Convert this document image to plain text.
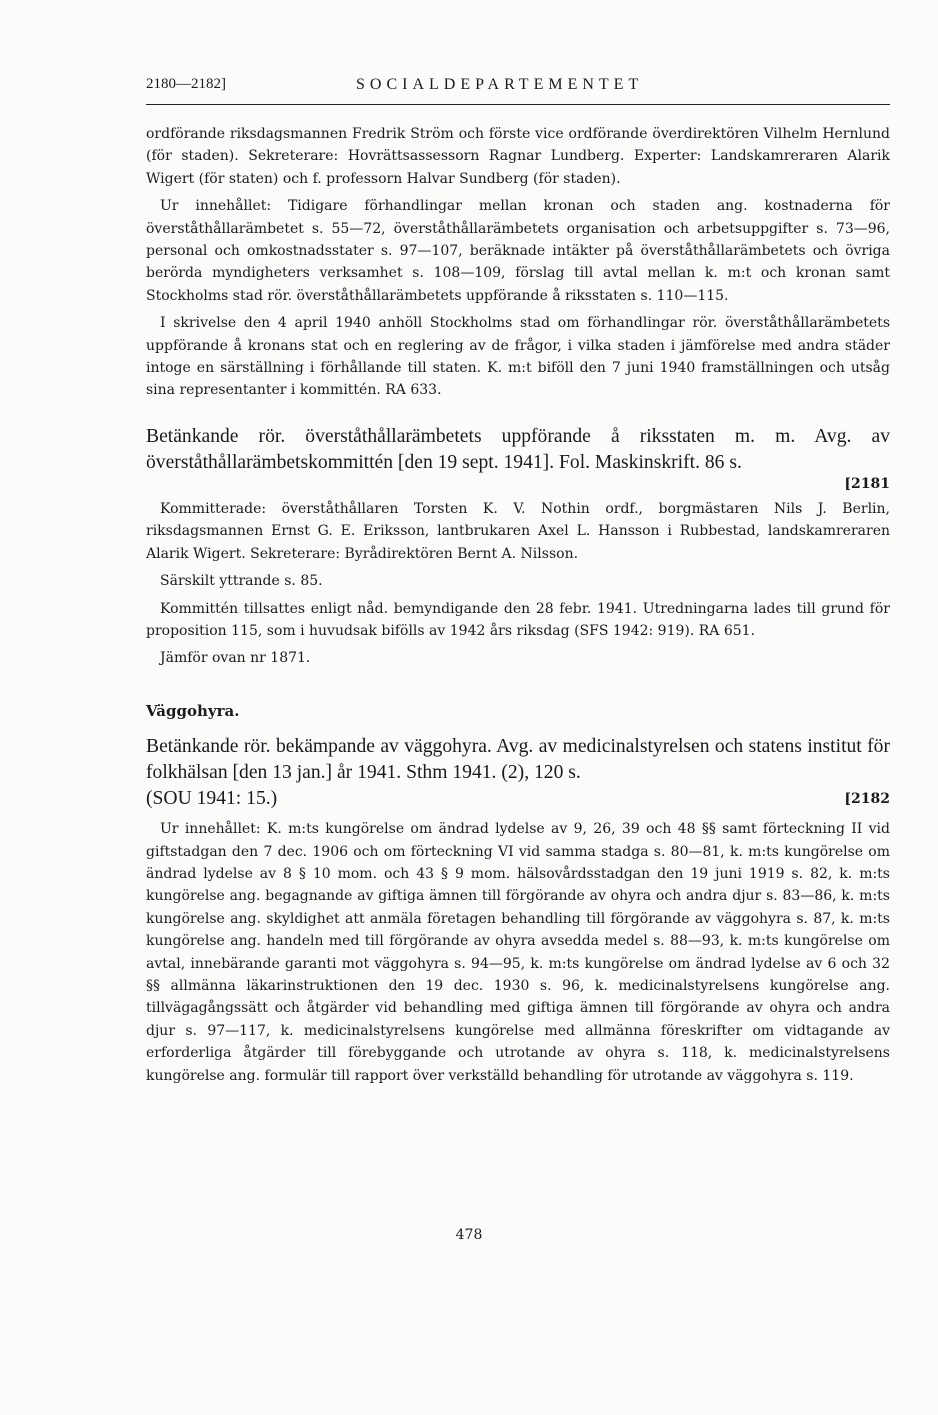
2180—2182]	SOCIALDEPARTEMENTET

ordförande riksdagsmannen Fredrik Ström och förste vice ordförande överdirektören Vilhelm Hernlund (för staden). Sekreterare: Hovrättsassessorn Ragnar Lundberg. Experter: Landskamreraren Alarik Wigert (för staten) och f. professorn Halvar Sundberg (för staden).

Ur innehållet: Tidigare förhandlingar mellan kronan och staden ang. kostnaderna för överståthållarämbetet s. 55—72, överståthållarämbetets organisation och arbetsuppgifter s. 73—96, personal och omkostnadsstater s. 97—107, beräknade intäkter på överståthållarämbetets och övriga berörda myndigheters verksamhet s. 108—109, förslag till avtal mellan k. m:t och kronan samt Stockholms stad rör. överståthållarämbetets uppförande å riksstaten s. 110—115.

I skrivelse den 4 april 1940 anhöll Stockholms stad om förhandlingar rör. överståthållarämbetets uppförande å kronans stat och en reglering av de frågor, i vilka staden i jämförelse med andra städer intoge en särställning i förhållande till staten. K. m:t biföll den 7 juni 1940 framställningen och utsåg sina representanter i kommittén. RA 633.

Betänkande rör. överståthållarämbetets uppförande å riksstaten m. m. Avg. av överståthållarämbetskommittén [den 19 sept. 1941]. Fol. Maskinskrift. 86 s.
[2181

Kommitterade: överståthållaren Torsten K. V. Nothin ordf., borgmästaren Nils J. Berlin, riksdagsmannen Ernst G. E. Eriksson, lantbrukaren Axel L. Hansson i Rubbestad, landskamreraren Alarik Wigert. Sekreterare: Byrådirektören Bernt A. Nilsson.

Särskilt yttrande s. 85.

Kommittén tillsattes enligt nåd. bemyndigande den 28 febr. 1941. Utredningarna lades till grund för proposition 115, som i huvudsak bifölls av 1942 års riksdag (SFS 1942: 919). RA 651.

Jämför ovan nr 1871.

Väggohyra.
Betänkande rör. bekämpande av väggohyra. Avg. av medicinalstyrelsen och statens institut för folkhälsan [den 13 jan.] år 1941. Sthm 1941. (2), 120 s.
(SOU 1941: 15.)	[2182

Ur innehållet: K. m:ts kungörelse om ändrad lydelse av 9, 26, 39 och 48 §§ samt förteckning II vid giftstadgan den 7 dec. 1906 och om förteckning VI vid samma stadga s. 80—81, k. m:ts kungörelse om ändrad lydelse av 8 § 10 mom. och 43 § 9 mom. hälsovårdsstadgan den 19 juni 1919 s. 82, k. m:ts kungörelse ang. begagnande av giftiga ämnen till förgörande av ohyra och andra djur s. 83—86, k. m:ts kungörelse ang. skyldighet att anmäla företagen behandling till förgörande av väggohyra s. 87, k. m:ts kungörelse ang. handeln med till förgörande av ohyra avsedda medel s. 88—93, k. m:ts kungörelse om avtal, innebärande garanti mot väggohyra s. 94—95, k. m:ts kungörelse om ändrad lydelse av 6 och 32 §§ allmänna läkarinstruktionen den 19 dec. 1930 s. 96, k. medicinalstyrelsens kungörelse ang. tillvägagångssätt och åtgärder vid behandling med giftiga ämnen till förgörande av ohyra och andra djur s. 97—117, k. medicinalstyrelsens kungörelse med allmänna föreskrifter om vidtagande av erforderliga åtgärder till förebyggande och utrotande av ohyra s. 118, k. medicinalstyrelsens kungörelse ang. formulär till rapport över verkställd behandling för utrotande av väggohyra s. 119.

478
